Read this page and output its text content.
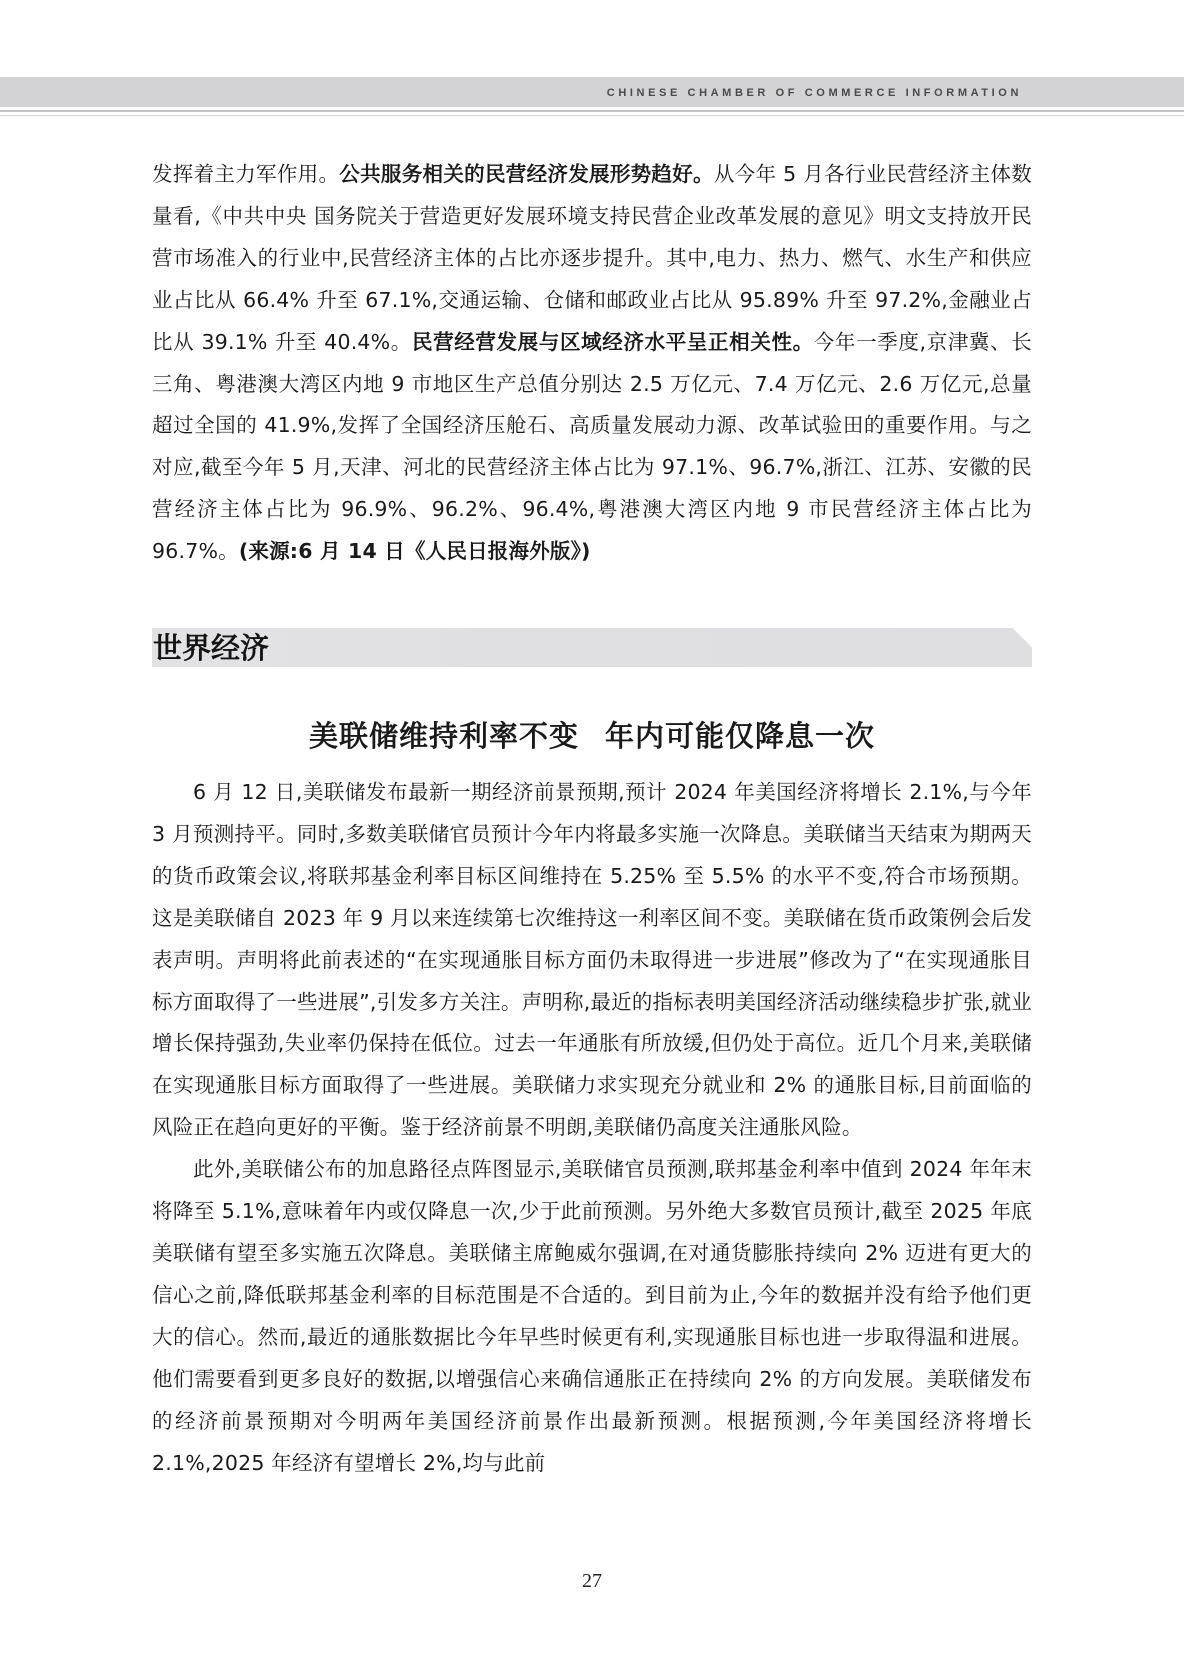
CHINESE CHAMBER OF COMMERCE INFORMATION

发挥着主力军作用。公共服务相关的民营经济发展形势趋好。从今年 5 月各行业民营经济主体数量看,《中共中央 国务院关于营造更好发展环境支持民营企业改革发展的意见》明文支持放开民营市场准入的行业中,民营经济主体的占比亦逐步提升。其中,电力、热力、燃气、水生产和供应业占比从 66.4% 升至 67.1%,交通运输、仓储和邮政业占比从 95.89% 升至 97.2%,金融业占比从 39.1% 升至 40.4%。民营经营发展与区域经济水平呈正相关性。今年一季度,京津冀、长三角、粤港澳大湾区内地 9 市地区生产总值分别达 2.5 万亿元、7.4 万亿元、2.6 万亿元,总量超过全国的 41.9%,发挥了全国经济压舱石、高质量发展动力源、改革试验田的重要作用。与之对应,截至今年 5 月,天津、河北的民营经济主体占比为 97.1%、96.7%,浙江、江苏、安徽的民营经济主体占比为 96.9%、96.2%、96.4%,粤港澳大湾区内地 9 市民营经济主体占比为 96.7%。(来源:6 月 14 日《人民日报海外版》)

世界经济
美联储维持利率不变 年内可能仅降息一次

6 月 12 日,美联储发布最新一期经济前景预期,预计 2024 年美国经济将增长 2.1%,与今年 3 月预测持平。同时,多数美联储官员预计今年内将最多实施一次降息。美联储当天结束为期两天的货币政策会议,将联邦基金利率目标区间维持在 5.25% 至 5.5% 的水平不变,符合市场预期。这是美联储自 2023 年 9 月以来连续第七次维持这一利率区间不变。美联储在货币政策例会后发表声明。声明将此前表述的“在实现通胀目标方面仍未取得进一步进展”修改为了“在实现通胀目标方面取得了一些进展”,引发多方关注。声明称,最近的指标表明美国经济活动继续稳步扩张,就业增长保持强劲,失业率仍保持在低位。过去一年通胀有所放缓,但仍处于高位。近几个月来,美联储在实现通胀目标方面取得了一些进展。美联储力求实现充分就业和 2% 的通胀目标,目前面临的风险正在趋向更好的平衡。鉴于经济前景不明朗,美联储仍高度关注通胀风险。

此外,美联储公布的加息路径点阵图显示,美联储官员预测,联邦基金利率中值到 2024 年年末将降至 5.1%,意味着年内或仅降息一次,少于此前预测。另外绝大多数官员预计,截至 2025 年底美联储有望至多实施五次降息。美联储主席鲍威尔强调,在对通货膨胀持续向 2% 迈进有更大的信心之前,降低联邦基金利率的目标范围是不合适的。到目前为止,今年的数据并没有给予他们更大的信心。然而,最近的通胀数据比今年早些时候更有利,实现通胀目标也进一步取得温和进展。他们需要看到更多良好的数据,以增强信心来确信通胀正在持续向 2% 的方向发展。美联储发布的经济前景预期对今明两年美国经济前景作出最新预测。根据预测,今年美国经济将增长 2.1%,2025 年经济有望增长 2%,均与此前

27
